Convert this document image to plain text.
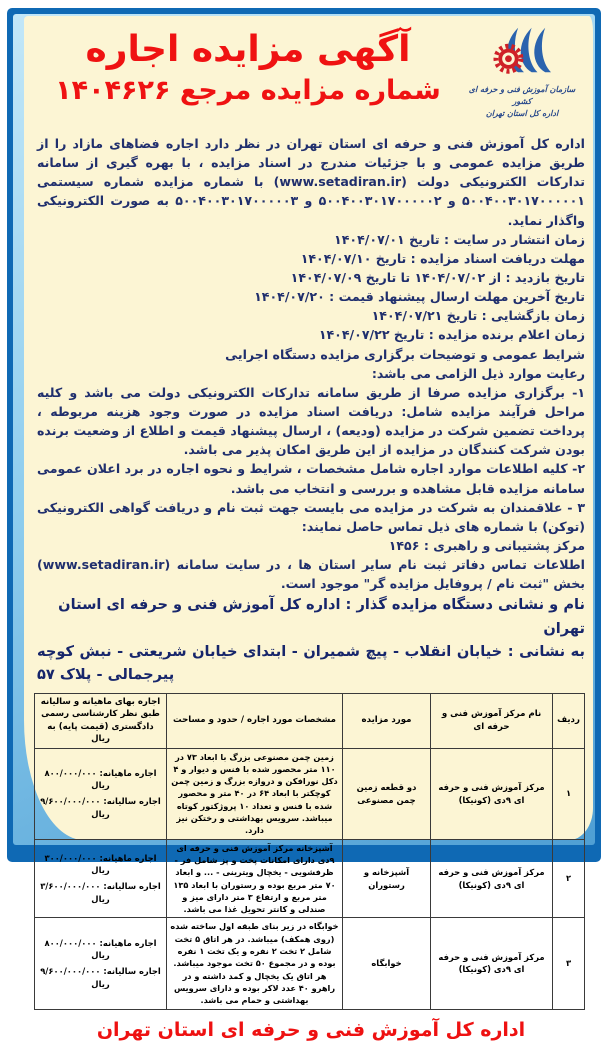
سازمان آموزش فنی و حرفه ای کشور
اداره کل استان تهران
آگهی مزایده اجاره
شماره مزایده مرجع ۱۴۰۴۶۲۶
اداره کل آموزش فنی و حرفه ای استان تهران در نظر دارد اجاره فضاهای مازاد را از طریق مزایده عمومی و با جزئیات مندرج در اسناد مزایده ، با بهره گیری از سامانه تدارکات الکترونیکی دولت (www.setadiran.ir) با شماره مزایده شماره سیستمی ۵۰۰۴۰۰۳۰۱۷۰۰۰۰۰۱ و ۵۰۰۴۰۰۳۰۱۷۰۰۰۰۰۲ و ۵۰۰۴۰۰۳۰۱۷۰۰۰۰۰۳ به صورت الکترونیکی واگذار نماید.
زمان انتشار در سایت : تاریخ ۱۴۰۴/۰۷/۰۱
مهلت دریافت اسناد مزایده : تاریخ ۱۴۰۴/۰۷/۱۰
تاریخ بازدید : از ۱۴۰۴/۰۷/۰۲ تا تاریخ ۱۴۰۴/۰۷/۰۹
تاریخ آخرین مهلت ارسال پیشنهاد قیمت : ۱۴۰۴/۰۷/۲۰
زمان بازگشایی : تاریخ ۱۴۰۴/۰۷/۲۱
زمان اعلام برنده مزایده : تاریخ ۱۴۰۴/۰۷/۲۲
شرایط عمومی و توضیحات برگزاری مزایده دستگاه اجرایی
رعایت موارد ذیل الزامی می باشد:
۱- برگزاری مزایده صرفا از طریق سامانه تدارکات الکترونیکی دولت می باشد و کلیه مراحل فرآیند مزایده شامل: دریافت اسناد مزایده در صورت وجود هزینه مربوطه ، پرداخت تضمین شرکت در مزایده (ودیعه) ، ارسال پیشنهاد قیمت و اطلاع از وضعیت برنده بودن شرکت کنندگان در مزایده از این طریق امکان پذیر می باشد.
۲- کلیه اطلاعات موارد اجاره شامل مشخصات ، شرایط و نحوه اجاره در برد اعلان عمومی سامانه مزایده قابل مشاهده و بررسی و انتخاب می باشد.
۳ - علاقمندان به شرکت در مزایده می بایست جهت ثبت نام و دریافت گواهی الکترونیکی (توکن) با شماره های ذیل تماس حاصل نمایند:
مرکز پشتیبانی و راهبری : ۱۴۵۶
اطلاعات تماس دفاتر ثبت نام سایر استان ها ، در سایت سامانه (www.setadiran.ir) بخش "ثبت نام / پروفایل مزایده گر" موجود است.
نام و نشانی دستگاه مزایده گذار : اداره کل آموزش فنی و حرفه ای استان تهران
به نشانی : خیابان انقلاب - پیچ شمیران - ابتدای خیابان شریعتی - نبش کوچه پیرجمالی - پلاک ۵۷
ردیف	نام مرکز آموزش فنی و حرفه ای	مورد مزایده	مشخصات مورد اجاره / حدود و مساحت	اجاره بهای ماهیانه و سالیانه طبق نظر کارشناسی رسمی دادگستری (قیمت پایه) به ریال
۱	مرکز آموزش فنی و حرفه ای ۹دی (کونیکا)	دو قطعه زمین چمن مصنوعی	زمین چمن مصنوعی بزرگ با ابعاد ۷۳ در ۱۱۰ متر محصور شده با فنس و دیوار و ۴ دکل نورافکن و دروازه بزرگ و زمین چمن کوچکتر با ابعاد ۶۴ در ۴۰ متر و محصور شده با فنس و تعداد ۱۰ پروژکتور کوتاه میباشد. سرویس بهداشتی و رختکن نیز دارد.	اجاره ماهیانه: ۸۰۰/۰۰۰/۰۰۰ ریال
اجاره سالیانه: ۹/۶۰۰/۰۰۰/۰۰۰ ریال

۲	مرکز آموزش فنی و حرفه ای ۹دی (کونیکا)	آشپزخانه و رستوران	آشپزخانه مرکز آموزش فنی و حرفه ای ۹دی دارای امکانات پخت و پز شامل فر - ظرفشویی - یخچال ویترینی - ... و ابعاد ۷۰ متر مربع بوده و رستوران با ابعاد ۱۳۵ متر مربع و ارتفاع ۳ متر دارای میز و صندلی و کانتر تحویل غذا می باشد.	اجاره ماهیانه: ۳۰۰/۰۰۰/۰۰۰ ریال
اجاره سالیانه: ۳/۶۰۰/۰۰۰/۰۰۰ ریال

۳	مرکز آموزش فنی و حرفه ای ۹دی (کونیکا)	خوابگاه	خوابگاه در زیر بنای طبقه اول ساخته شده (روی همکف) میباشد. در هر اتاق ۵ تخت شامل ۲ تخت ۲ نفره و یک تخت ۱ نفره بوده و در مجموع ۵۰ تخت موجود میباشد. هر اتاق یک یخچال و کمد داشته و در راهرو ۴۰ عدد لاکر بوده و دارای سرویس بهداشتی و حمام می باشد.	اجاره ماهیانه: ۸۰۰/۰۰۰/۰۰۰ ریال
اجاره سالیانه: ۹/۶۰۰/۰۰۰/۰۰۰ ریال
اداره کل آموزش فنی و حرفه ای استان تهران
